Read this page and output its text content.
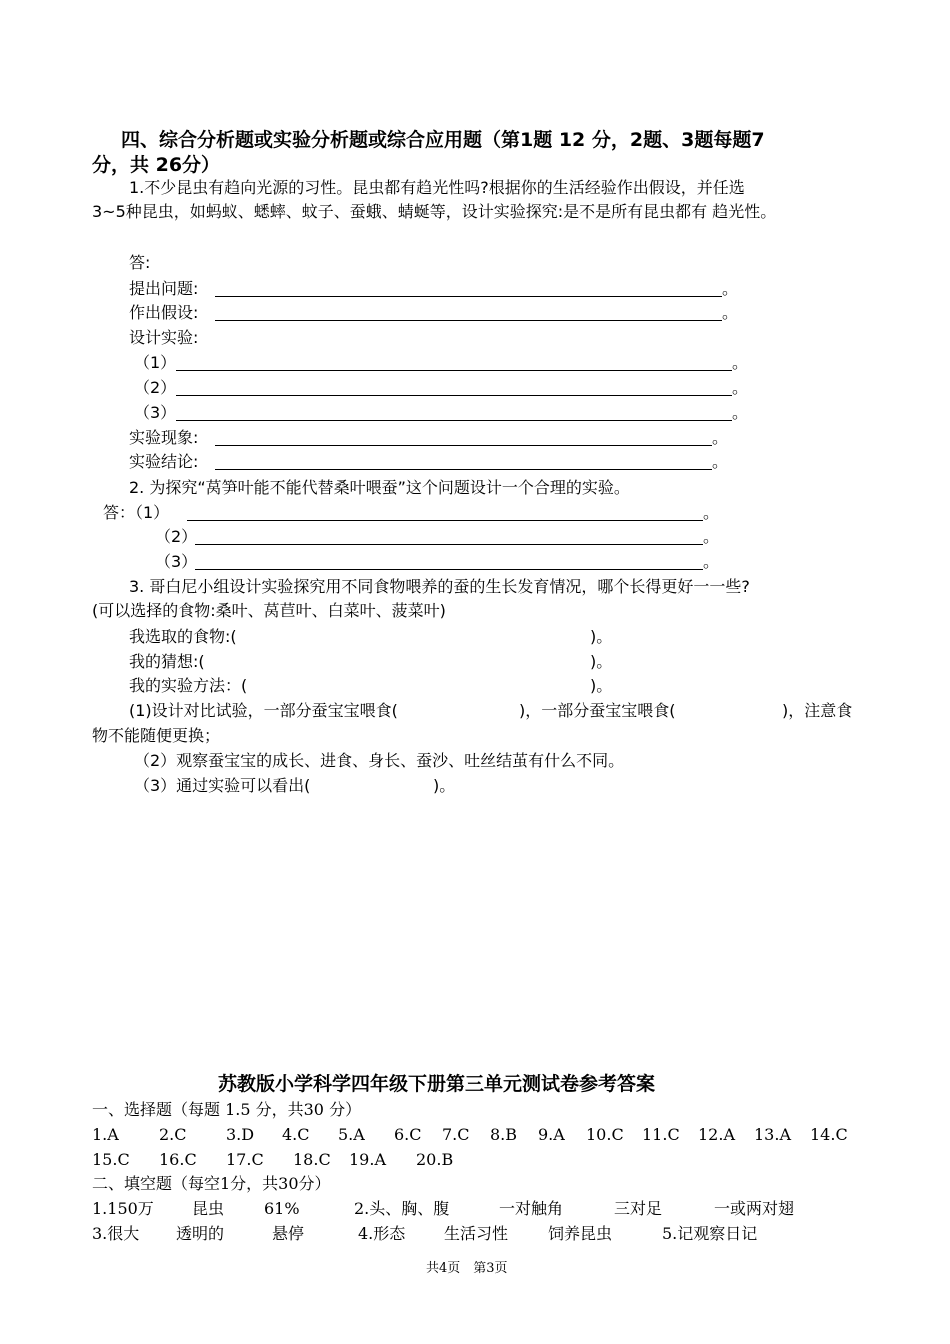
四、综合分析题或实验分析题或综合应用题（第1题 12 分，2题、3题每题7
分，共 26分）
1.不少昆虫有趋向光源的习性。昆虫都有趋光性吗?根据你的生活经验作出假设，并任选
3~5种昆虫，如蚂蚁、蟋蟀、蚊子、蚕蛾、蜻蜒等，设计实验探究:是不是所有昆虫都有 趋光性。
答:
提出问题:	。
作出假设:	。
设计实验:
（1）	。
（2）	。
（3）	。
实验现象:	。
实验结论:	。
2. 为探究“莴笋叶能不能代替桑叶喂蚕”这个问题设计一个合理的实验。
答：（1）	。
（2）	。
（3）	。
3. 哥白尼小组设计实验探究用不同食物喂养的蚕的生长发育情况，哪个长得更好一一些?
(可以选择的食物:桑叶、莴苣叶、白菜叶、菠菜叶)
我选取的食物:(	)。
我的猜想:(	)。
我的实验方法：(	)。
(1)设计对比试验，一部分蚕宝宝喂食(	)，一部分蚕宝宝喂食(	)，注意食
物不能随便更换；
（2）观察蚕宝宝的成长、进食、身长、蚕沙、吐丝结茧有什么不同。
（3）通过实验可以看出(	)。
苏教版小学科学四年级下册第三单元测试卷参考答案
一、选择题（每题 1.5 分，共30 分）
1.A	2.C 3.D 4.C 5.A 6.C 7.C 8.B 9.A 10.C 11.C 12.A 13.A 14.C
15.C 16.C 17.C 18.C 19.A 20.B
二、填空题（每空1分，共30分）
1.150万 昆虫 61%	2.头、胸、腹	一对触角	三对足	一或两对翅
3.很大 透明的	悬停	4.形态 生活习性 饲养昆虫	5.记观察日记
共4页　第3页
